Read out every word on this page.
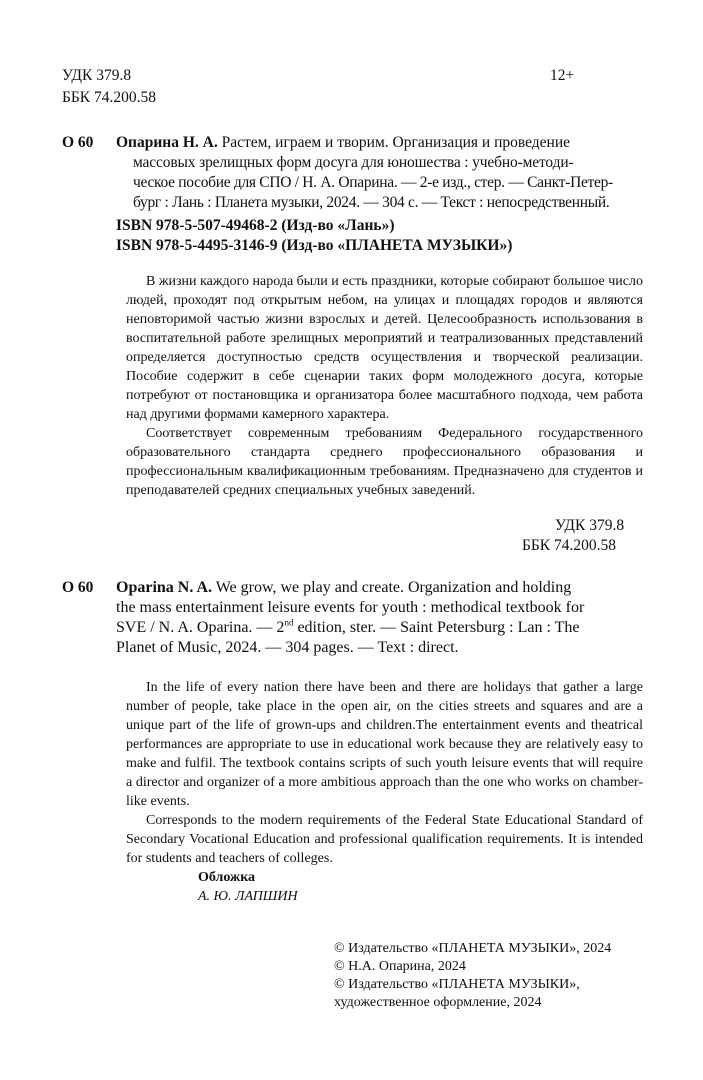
УДК 379.8
ББК 74.200.58
12+
О 60 Опарина Н. А. Растем, играем и творим. Организация и проведение
массовых зрелищных форм досуга для юношества : учебно-методи-
ческое пособие для СПО / Н. А. Опарина. — 2-е изд., стер. — Санкт-Петер-
бург : Лань : Планета музыки, 2024. — 304 с. — Текст : непосредственный.
ISBN 978-5-507-49468-2 (Изд-во «Лань»)
ISBN 978-5-4495-3146-9 (Изд-во «ПЛАНЕТА МУЗЫКИ»)

В жизни каждого народа были и есть праздники, которые собирают большое число людей, проходят под открытым небом, на улицах и площадях городов и являются неповторимой частью жизни взрослых и детей. Целесообразность использования в воспитательной работе зрелищных мероприятий и театрализованных представлений определяется доступностью средств осуществления и творческой реализации. Пособие содержит в себе сценарии таких форм молодежного досуга, которые потребуют от постановщика и организатора более масштабного подхода, чем работа над другими формами камерного характера.

Соответствует современным требованиям Федерального государственного образовательного стандарта среднего профессионального образования и профессиональным квалификационным требованиям. Предназначено для студентов и преподавателей средних специальных учебных заведений.

УДК 379.8
ББК 74.200.58
О 60 Oparina N. A. We grow, we play and create. Organization and holding
the mass entertainment leisure events for youth : methodical textbook for
SVE / N. A. Oparina. — 2nd edition, ster. — Saint Petersburg : Lan : The
Planet of Music, 2024. — 304 pages. — Text : direct.

In the life of every nation there have been and there are holidays that gather a large number of people, take place in the open air, on the cities streets and squares and are a unique part of the life of grown-ups and children.The entertainment events and theatrical performances are appropriate to use in educational work because they are relatively easy to make and fulfil. The textbook contains scripts of such youth leisure events that will require a director and organizer of a more ambitious approach than the one who works on chamber-like events.

Corresponds to the modern requirements of the Federal State Educational Standard of Secondary Vocational Education and professional qualification requirements. It is intended for students and teachers of colleges.

Обложка
А. Ю. ЛАПШИН
© Издательство «ПЛАНЕТА МУЗЫКИ», 2024
© Н.А. Опарина, 2024
© Издательство «ПЛАНЕТА МУЗЫКИ»,
художественное оформление, 2024
